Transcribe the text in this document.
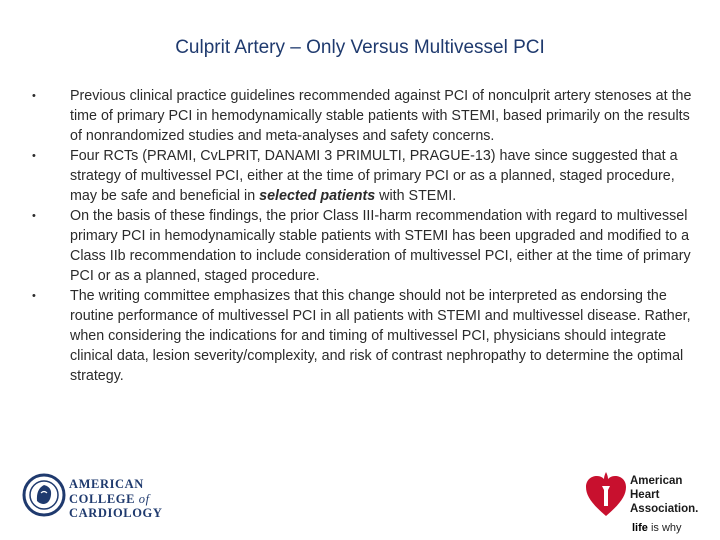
Culprit Artery – Only Versus Multivessel PCI
•	Previous clinical practice guidelines recommended against PCI of nonculprit artery stenoses at the time of primary PCI in hemodynamically stable patients with STEMI, based primarily on the results of nonrandomized studies and meta-analyses and safety concerns.
•	Four RCTs (PRAMI, CvLPRIT, DANAMI 3 PRIMULTI, PRAGUE-13) have since suggested that a strategy of multivessel PCI, either at the time of primary PCI or as a planned, staged procedure, may be safe and beneficial in selected patients with STEMI.
•	On the basis of these findings, the prior Class III-harm recommendation with regard to multivessel primary PCI in hemodynamically stable patients with STEMI has been upgraded and modified to a Class IIb recommendation to include consideration of multivessel PCI, either at the time of primary PCI or as a planned, staged procedure.
•	The writing committee emphasizes that this change should not be interpreted as endorsing the routine performance of multivessel PCI in all patients with STEMI and multivessel disease. Rather, when considering the indications for and timing of multivessel PCI, physicians should integrate clinical data, lesion severity/complexity, and risk of contrast nephropathy to determine the optimal strategy.
AMERICAN
COLLEGE of
CARDIOLOGY
American
Heart
Association.
life is why
